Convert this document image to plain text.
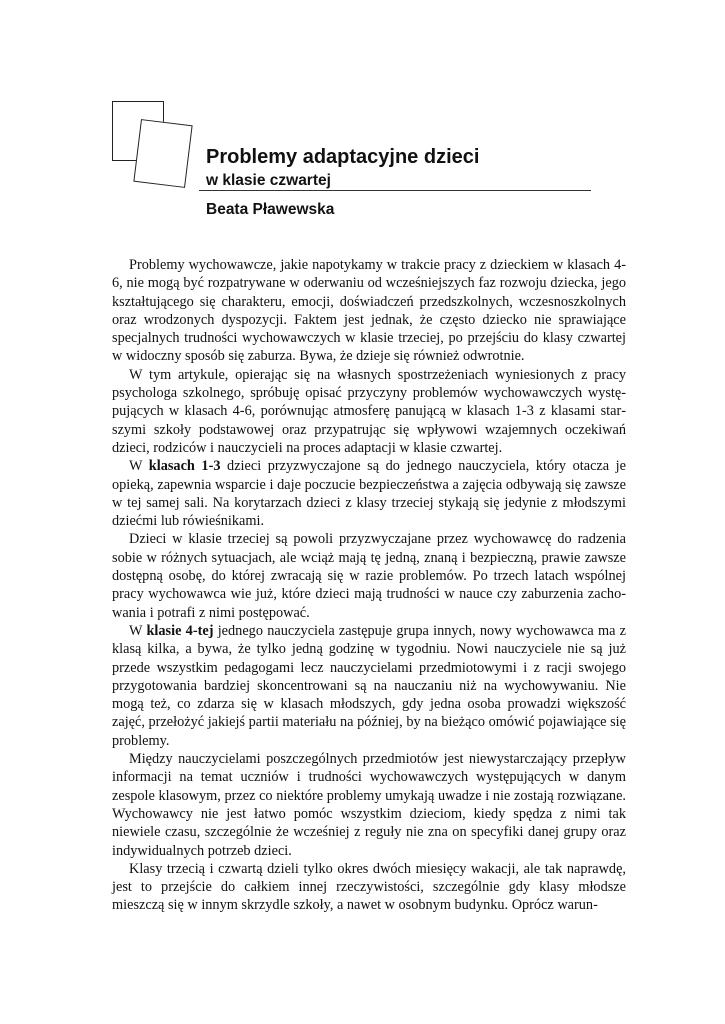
Problemy adaptacyjne dzieci
w klasie czwartej
Beata Pławewska

Problemy wychowawcze, jakie napotykamy w trakcie pracy z dzieckiem w klasach 4-6, nie mogą być rozpatrywane w oderwaniu od wcześniejszych faz rozwoju dziecka, jego kształtującego się charakteru, emocji, doświadczeń przedszkolnych, wczesnoszkolnych oraz wrodzonych dyspozycji. Faktem jest jednak, że często dziecko nie sprawiające specjalnych trudności wychowawczych w klasie trzeciej, po przejściu do klasy czwartej w widoczny sposób się zaburza. Bywa, że dzieje się również odwrotnie.

W tym artykule, opierając się na własnych spostrzeżeniach wyniesionych z pracy psychologa szkolnego, spróbuję opisać przyczyny problemów wychowawczych występujących w klasach 4-6, porównując atmosferę panującą w klasach 1-3 z klasami starszymi szkoły podstawowej oraz przypatrując się wpływowi wzajemnych oczekiwań dzieci, rodziców i nauczycieli na proces adaptacji w klasie czwartej.

W klasach 1-3 dzieci przyzwyczajone są do jednego nauczyciela, który otacza je opieką, zapewnia wsparcie i daje poczucie bezpieczeństwa a zajęcia odbywają się zawsze w tej samej sali. Na korytarzach dzieci z klasy trzeciej stykają się jedynie z młodszymi dziećmi lub rówieśnikami.

Dzieci w klasie trzeciej są powoli przyzwyczajane przez wychowawcę do radzenia sobie w różnych sytuacjach, ale wciąż mają tę jedną, znaną i bezpieczną, prawie zawsze dostępną osobę, do której zwracają się w razie problemów. Po trzech latach wspólnej pracy wychowawca wie już, które dzieci mają trudności w nauce czy zaburzenia zachowania i potrafi z nimi postępować.

W klasie 4-tej jednego nauczyciela zastępuje grupa innych, nowy wychowawca ma z klasą kilka, a bywa, że tylko jedną godzinę w tygodniu. Nowi nauczyciele nie są już przede wszystkim pedagogami lecz nauczycielami przedmiotowymi i z racji swojego przygotowania bardziej skoncentrowani są na nauczaniu niż na wychowywaniu. Nie mogą też, co zdarza się w klasach młodszych, gdy jedna osoba prowadzi większość zajęć, przełożyć jakiejś partii materiału na później, by na bieżąco omówić pojawiające się problemy.

Między nauczycielami poszczególnych przedmiotów jest niewystarczający przepływ informacji na temat uczniów i trudności wychowawczych występujących w danym zespole klasowym, przez co niektóre problemy umykają uwadze i nie zostają rozwiązane. Wychowawcy nie jest łatwo pomóc wszystkim dzieciom, kiedy spędza z nimi tak niewiele czasu, szczególnie że wcześniej z reguły nie zna on specyfiki danej grupy oraz indywidualnych potrzeb dzieci.

Klasy trzecią i czwartą dzieli tylko okres dwóch miesięcy wakacji, ale tak naprawdę, jest to przejście do całkiem innej rzeczywistości, szczególnie gdy klasy młodsze mieszczą się w innym skrzydle szkoły, a nawet w osobnym budynku. Oprócz warun-
